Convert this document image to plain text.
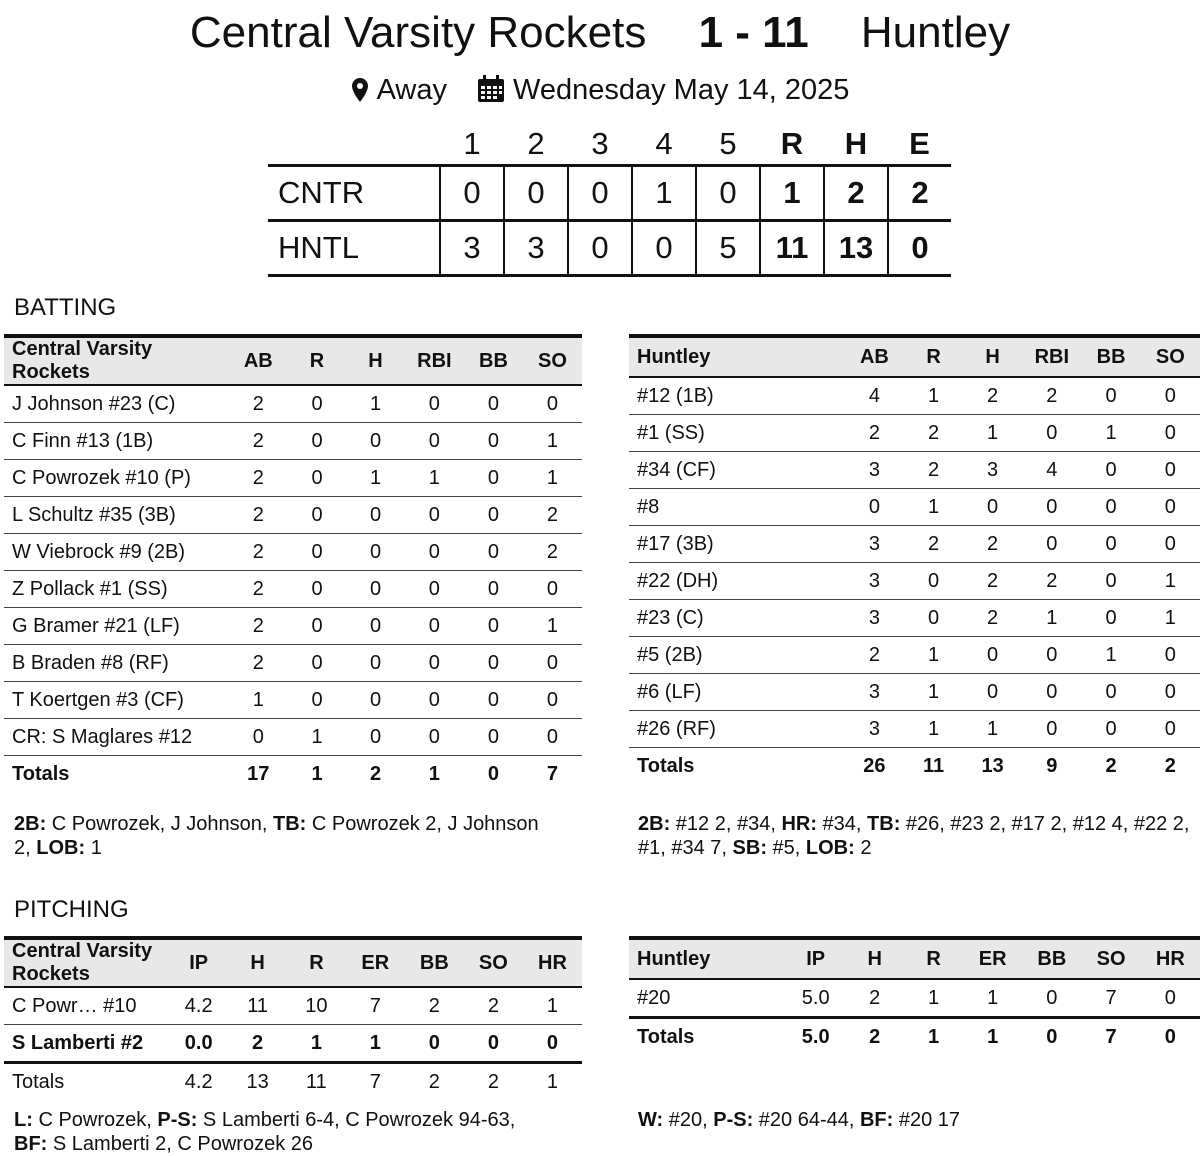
Central Varsity Rockets 1 - 11 Huntley
Away Wednesday May 14, 2025
	1	2	3	4	5	R	H	E
CNTR	0	0	0	1	0	1	2	2
HNTL	3	3	0	0	5	11	13	0
BATTING
Central Varsity Rockets	AB	R	H	RBI	BB	SO
J Johnson #23 (C)	2	0	1	0	0	0
C Finn #13 (1B)	2	0	0	0	0	1
C Powrozek #10 (P)	2	0	1	1	0	1
L Schultz #35 (3B)	2	0	0	0	0	2
W Viebrock #9 (2B)	2	0	0	0	0	2
Z Pollack #1 (SS)	2	0	0	0	0	0
G Bramer #21 (LF)	2	0	0	0	0	1
B Braden #8 (RF)	2	0	0	0	0	0
T Koertgen #3 (CF)	1	0	0	0	0	0
CR: S Maglares #12	0	1	0	0	0	0
Totals	17	1	2	1	0	7
Huntley	AB	R	H	RBI	BB	SO
#12 (1B)	4	1	2	2	0	0
#1 (SS)	2	2	1	0	1	0
#34 (CF)	3	2	3	4	0	0
#8	0	1	0	0	0	0
#17 (3B)	3	2	2	0	0	0
#22 (DH)	3	0	2	2	0	1
#23 (C)	3	0	2	1	0	1
#5 (2B)	2	1	0	0	1	0
#6 (LF)	3	1	0	0	0	0
#26 (RF)	3	1	1	0	0	0
Totals	26	11	13	9	2	2
2B: C Powrozek, J Johnson, TB: C Powrozek 2, J Johnson 2, LOB: 1
2B: #12 2, #34, HR: #34, TB: #26, #23 2, #17 2, #12 4, #22 2, #1, #34 7, SB: #5, LOB: 2
PITCHING
Central Varsity Rockets	IP	H	R	ER	BB	SO	HR
C Powr… #10	4.2	11	10	7	2	2	1
S Lamberti #2	0.0	2	1	1	0	0	0
Totals	4.2	13	11	7	2	2	1
Huntley	IP	H	R	ER	BB	SO	HR
#20	5.0	2	1	1	0	7	0
Totals	5.0	2	1	1	0	7	0
L: C Powrozek, P-S: S Lamberti 6-4, C Powrozek 94-63, BF: S Lamberti 2, C Powrozek 26
W: #20, P-S: #20 64-44, BF: #20 17
